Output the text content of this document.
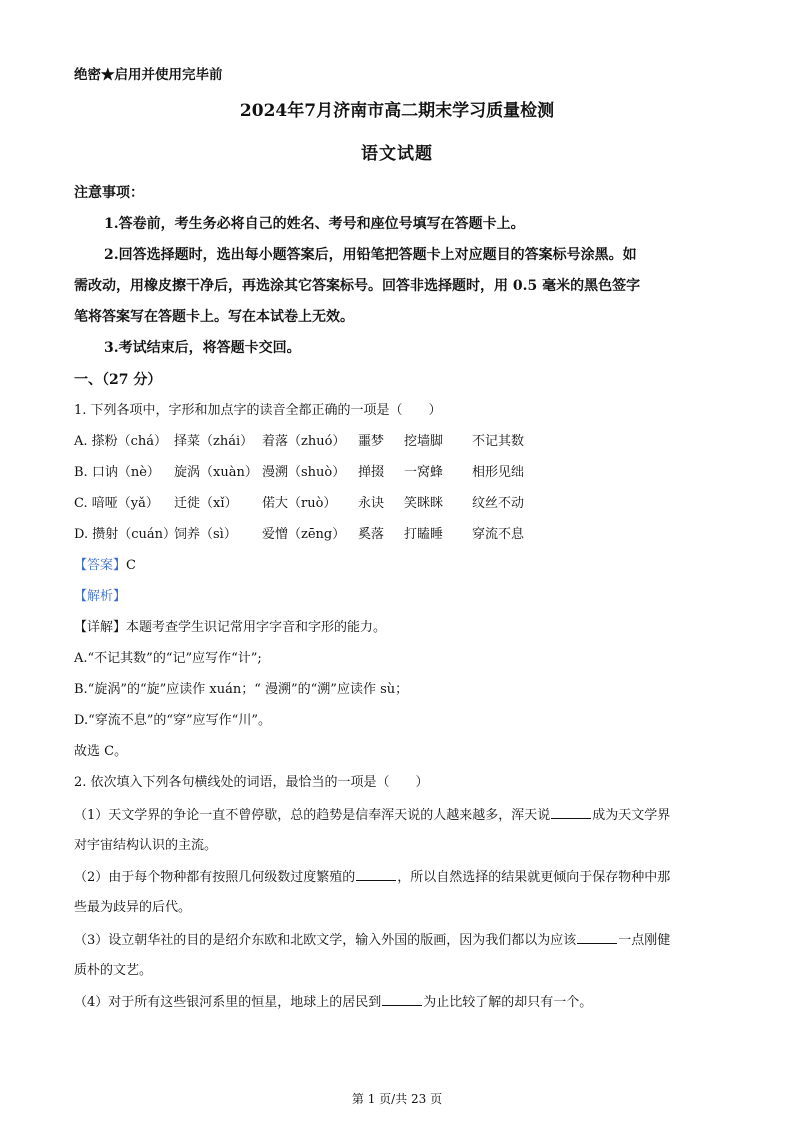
绝密★启用并使用完毕前
2024年7月济南市高二期末学习质量检测
语文试题
注意事项：
1.答卷前，考生务必将自己的姓名、考号和座位号填写在答题卡上。
2.回答选择题时，选出每小题答案后，用铅笔把答题卡上对应题目的答案标号涂黑。如
需改动，用橡皮擦干净后，再选涂其它答案标号。回答非选择题时，用 0.5 毫米的黑色签字
笔将答案写在答题卡上。写在本试卷上无效。
3.考试结束后，将答题卡交回。
一、（27 分）
1. 下列各项中，字形和加点字的读音全都正确的一项是（　　）
A. 搽粉（chá） 择菜（zhái） 着落（zhuó） 噩梦 挖墙脚 不记其数
B. 口讷（nè） 旋涡（xuàn） 漫溯（shuò） 掸掇 一窝蜂 相形见绌
C. 喑哑（yǎ） 迁徙（xǐ） 偌大（ruò） 永诀 笑眯眯 纹丝不动
D. 攒射（cuán）饲养（sì） 爱憎（zēng） 奚落 打瞌睡 穿流不息
【答案】C
【解析】
【详解】本题考查学生识记常用字字音和字形的能力。
A.“不记其数”的“记”应写作“计”;
B.“旋涡”的“旋”应读作 xuán；“ 漫溯”的“溯”应读作 sù；
D.“穿流不息”的“穿”应写作“川”。
故选 C。
2. 依次填入下列各句横线处的词语，最恰当的一项是（　　）
（1）天文学界的争论一直不曾停歇，总的趋势是信奉浑天说的人越来越多，浑天说	成为天文学界
对宇宙结构认识的主流。
（2）由于每个物种都有按照几何级数过度繁殖的	，所以自然选择的结果就更倾向于保存物种中那
些最为歧异的后代。
（3）设立朝华社的目的是绍介东欧和北欧文学，输入外国的版画，因为我们都以为应该	一点刚健
质朴的文艺。
（4）对于所有这些银河系里的恒星，地球上的居民到	为止比较了解的却只有一个。
第 1 页/共 23 页
